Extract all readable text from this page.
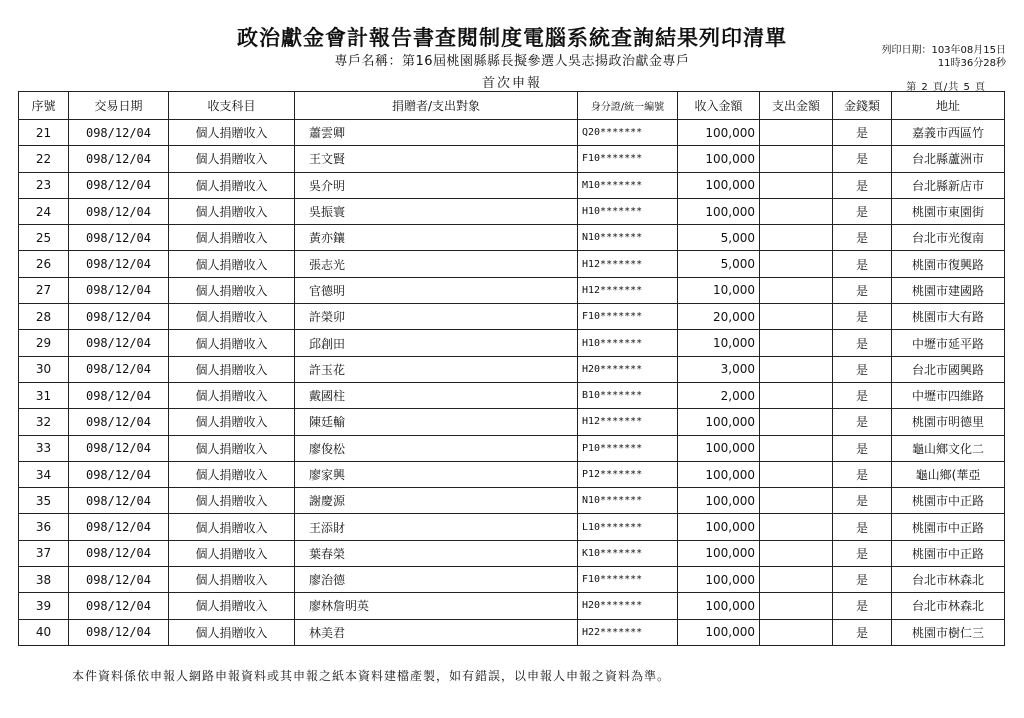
政治獻金會計報告書查閱制度電腦系統查詢結果列印清單
專戶名稱：第16屆桃園縣縣長擬參選人吳志揚政治獻金專戶
首次申報
列印日期： 103年08月15日
11時36分28秒
第 2 頁/共 5 頁
序號	交易日期	收支科目	捐贈者/支出對象	身分證/統一編號	收入金額	支出金額	金錢類	地址
21	098/12/04	個人捐贈收入	蕭雲卿	Q20*******	100,000		是	嘉義市西區竹
22	098/12/04	個人捐贈收入	王文賢	F10*******	100,000		是	台北縣蘆洲市
23	098/12/04	個人捐贈收入	吳介明	M10*******	100,000		是	台北縣新店市
24	098/12/04	個人捐贈收入	吳振寰	H10*******	100,000		是	桃園市東園街
25	098/12/04	個人捐贈收入	黃亦鑲	N10*******	5,000		是	台北市光復南
26	098/12/04	個人捐贈收入	張志光	H12*******	5,000		是	桃園市復興路
27	098/12/04	個人捐贈收入	官德明	H12*******	10,000		是	桃園市建國路
28	098/12/04	個人捐贈收入	許榮卯	F10*******	20,000		是	桃園市大有路
29	098/12/04	個人捐贈收入	邱創田	H10*******	10,000		是	中壢市延平路
30	098/12/04	個人捐贈收入	許玉花	H20*******	3,000		是	台北市國興路
31	098/12/04	個人捐贈收入	戴國柱	B10*******	2,000		是	中壢市四維路
32	098/12/04	個人捐贈收入	陳廷輸	H12*******	100,000		是	桃園市明德里
33	098/12/04	個人捐贈收入	廖俊松	P10*******	100,000		是	龜山鄉文化二
34	098/12/04	個人捐贈收入	廖家興	P12*******	100,000		是	龜山鄉(華亞
35	098/12/04	個人捐贈收入	謝慶源	N10*******	100,000		是	桃園市中正路
36	098/12/04	個人捐贈收入	王添財	L10*******	100,000		是	桃園市中正路
37	098/12/04	個人捐贈收入	葉春榮	K10*******	100,000		是	桃園市中正路
38	098/12/04	個人捐贈收入	廖治德	F10*******	100,000		是	台北市林森北
39	098/12/04	個人捐贈收入	廖林詹明英	H20*******	100,000		是	台北市林森北
40	098/12/04	個人捐贈收入	林美君	H22*******	100,000		是	桃園市樹仁三
本件資料係依申報人網路申報資料或其申報之紙本資料建檔產製，如有錯誤，以申報人申報之資料為準。
